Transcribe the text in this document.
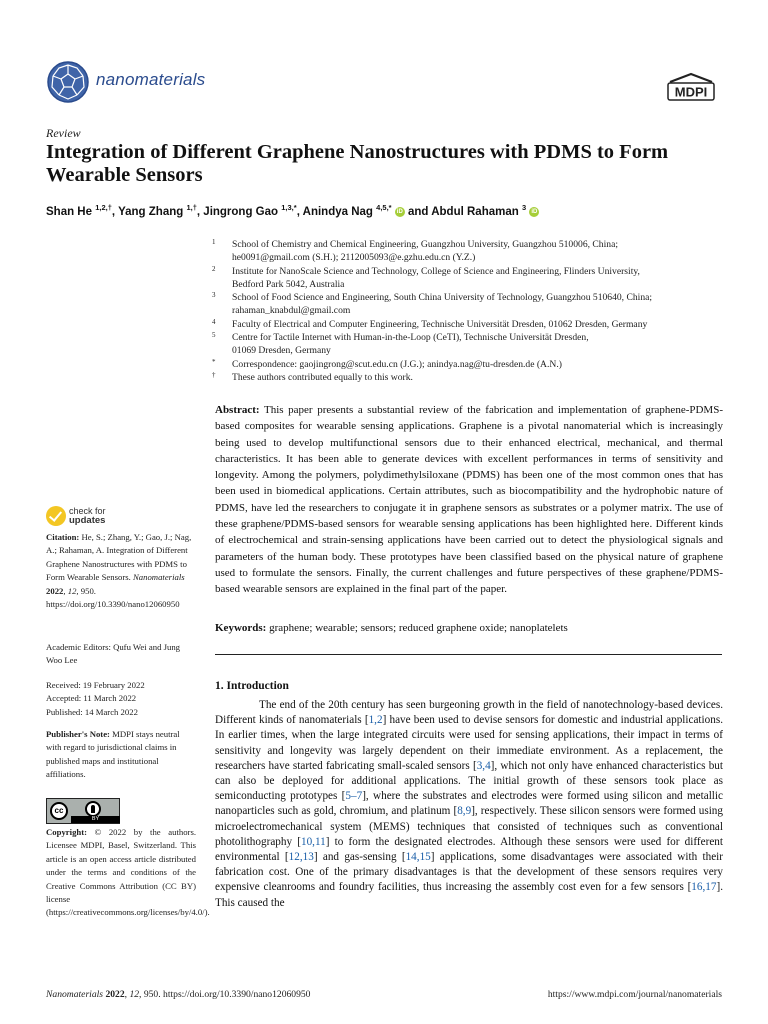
nanomaterials
MDPI
Review
Integration of Different Graphene Nanostructures with PDMS to Form Wearable Sensors
Shan He $^{1,2,\dagger}$, Yang Zhang $^{1,\dagger}$, Jingrong Gao $^{1,3,*}$, Anindya Nag $^{4,5,*}$ iD and Abdul Rahaman $^3$ iD
1 School of Chemistry and Chemical Engineering, Guangzhou University, Guangzhou 510006, China;
he0091@gmail.com (S.H.); 2112005093@e.gzhu.edu.cn (Y.Z.)
2 Institute for NanoScale Science and Technology, College of Science and Engineering, Flinders University,
Bedford Park 5042, Australia
3 School of Food Science and Engineering, South China University of Technology, Guangzhou 510640, China;
rahaman_knabdul@gmail.com
4 Faculty of Electrical and Computer Engineering, Technische Universität Dresden, 01062 Dresden, Germany
5 Centre for Tactile Internet with Human-in-the-Loop (CeTI), Technische Universität Dresden,
01069 Dresden, Germany
* Correspondence: gaojingrong@scut.edu.cn (J.G.); anindya.nag@tu-dresden.de (A.N.)
† These authors contributed equally to this work.
Abstract: This paper presents a substantial review of the fabrication and implementation of graphene-PDMS-based composites for wearable sensing applications. Graphene is a pivotal nanomaterial which is increasingly being used to develop multifunctional sensors due to their enhanced electrical, mechanical, and thermal characteristics. It has been able to generate devices with excellent performances in terms of sensitivity and longevity. Among the polymers, polydimethylsiloxane (PDMS) has been one of the most common ones that has been used in biomedical applications. Certain attributes, such as biocompatibility and the hydrophobic nature of PDMS, have led the researchers to conjugate it in graphene sensors as substrates or a polymer matrix. The use of these graphene/PDMS-based sensors for wearable sensing applications has been highlighted here. Different kinds of electrochemical and strain-sensing applications have been carried out to detect the physiological signals and parameters of the human body. These prototypes have been classified based on the physical nature of graphene used to formulate the sensors. Finally, the current challenges and future perspectives of these graphene/PDMS-based wearable sensors are explained in the final part of the paper.
Keywords: graphene; wearable; sensors; reduced graphene oxide; nanoplatelets
1. Introduction

The end of the 20th century has seen burgeoning growth in the field of nanotechnology-based devices. Different kinds of nanomaterials [1,2] have been used to devise sensors for domestic and industrial applications. In earlier times, when the large integrated circuits were used for sensing applications, their impact in terms of sensitivity and longevity was largely dependent on their immediate environment. As a replacement, the researchers have started fabricating small-scaled sensors [3,4], which not only have enhanced characteristics but can also be deployed for additional applications. The initial growth of these sensors took place as semiconducting prototypes [5–7], where the substrates and electrodes were formed using silicon and metallic nanoparticles such as gold, chromium, and platinum [8,9], respectively. These silicon sensors were formed using microelectromechanical system (MEMS) techniques that consisted of techniques such as conventional photolithography [10,11] to form the designated electrodes. Although these sensors were used for different environmental [12,13] and gas-sensing [14,15] applications, some disadvantages were associated with their fabrication cost. One of the primary disadvantages is that the development of these sensors requires very expensive cleanrooms and foundry facilities, thus increasing the assembly cost even for a few sensors [16,17]. This caused the

check for
updates
Citation: He, S.; Zhang, Y.; Gao, J.; Nag, A.; Rahaman, A. Integration of Different Graphene Nanostructures with PDMS to Form Wearable Sensors. Nanomaterials 2022, 12, 950. https://doi.org/10.3390/nano12060950
Academic Editors: Qufu Wei and Jung Woo Lee
Received: 19 February 2022
Accepted: 11 March 2022
Published: 14 March 2022
Publisher's Note: MDPI stays neutral with regard to jurisdictional claims in published maps and institutional affiliations.
cc
BY
Copyright: © 2022 by the authors. Licensee MDPI, Basel, Switzerland. This article is an open access article distributed under the terms and conditions of the Creative Commons Attribution (CC BY) license (https://creativecommons.org/licenses/by/4.0/).
Nanomaterials 2022, 12, 950. https://doi.org/10.3390/nano12060950	https://www.mdpi.com/journal/nanomaterials
